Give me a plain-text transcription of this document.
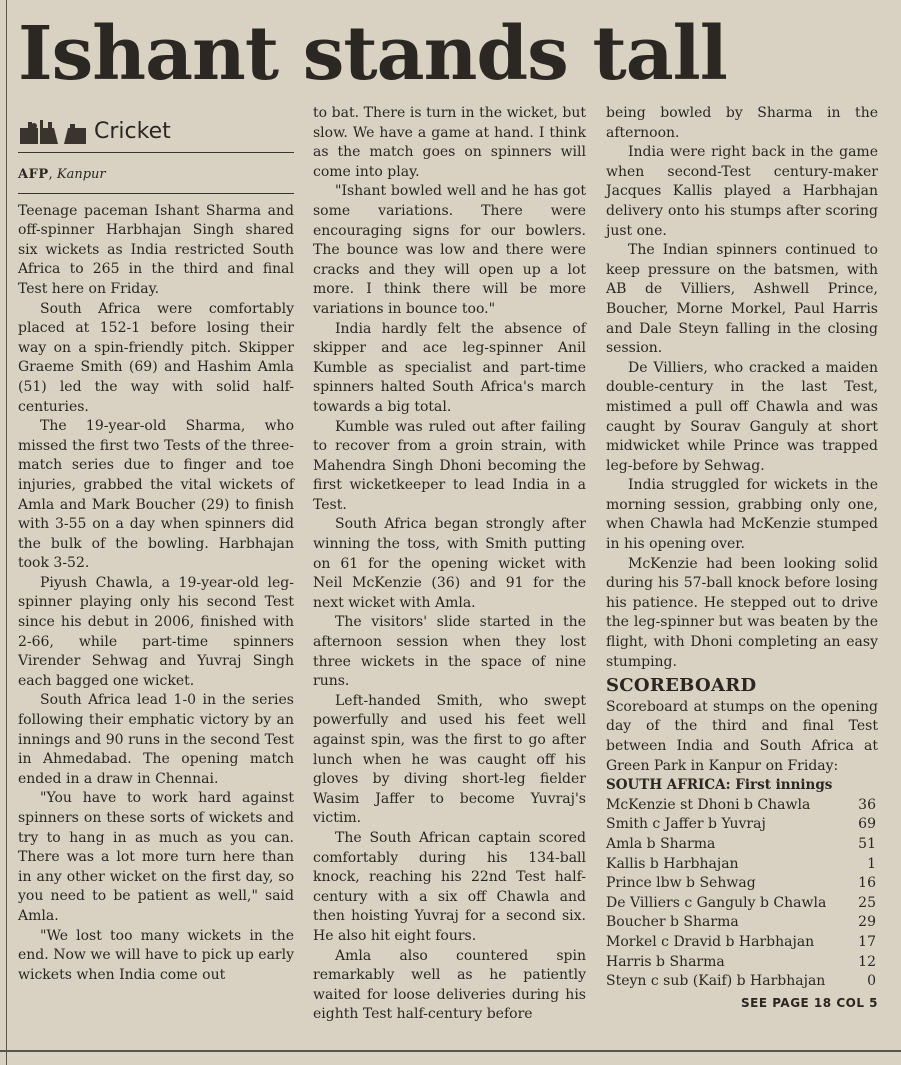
Ishant stands tall
Cricket
AFP, Kanpur

Teenage paceman Ishant Sharma and off-spinner Harbhajan Singh shared six wickets as India restricted South Africa to 265 in the third and final Test here on Friday.

South Africa were comfortably placed at 152-1 before losing their way on a spin-friendly pitch. Skipper Graeme Smith (69) and Hashim Amla (51) led the way with solid half-centuries.

The 19-year-old Sharma, who missed the first two Tests of the three-match series due to finger and toe injuries, grabbed the vital wickets of Amla and Mark Boucher (29) to finish with 3-55 on a day when spinners did the bulk of the bowling. Harbhajan took 3-52.

Piyush Chawla, a 19-year-old leg-spinner playing only his second Test since his debut in 2006, finished with 2-66, while part-time spinners Virender Sehwag and Yuvraj Singh each bagged one wicket.

South Africa lead 1-0 in the series following their emphatic victory by an innings and 90 runs in the second Test in Ahmedabad. The opening match ended in a draw in Chennai.

"You have to work hard against spinners on these sorts of wickets and try to hang in as much as you can. There was a lot more turn here than in any other wicket on the first day, so you need to be patient as well," said Amla.

"We lost too many wickets in the end. Now we will have to pick up early wickets when India come out

to bat. There is turn in the wicket, but slow. We have a game at hand. I think as the match goes on spinners will come into play.

"Ishant bowled well and he has got some variations. There were encouraging signs for our bowlers. The bounce was low and there were cracks and they will open up a lot more. I think there will be more variations in bounce too."

India hardly felt the absence of skipper and ace leg-spinner Anil Kumble as specialist and part-time spinners halted South Africa's march towards a big total.

Kumble was ruled out after failing to recover from a groin strain, with Mahendra Singh Dhoni becoming the first wicketkeeper to lead India in a Test.

South Africa began strongly after winning the toss, with Smith putting on 61 for the opening wicket with Neil McKenzie (36) and 91 for the next wicket with Amla.

The visitors' slide started in the afternoon session when they lost three wickets in the space of nine runs.

Left-handed Smith, who swept powerfully and used his feet well against spin, was the first to go after lunch when he was caught off his gloves by diving short-leg fielder Wasim Jaffer to become Yuvraj's victim.

The South African captain scored comfortably during his 134-ball knock, reaching his 22nd Test half-century with a six off Chawla and then hoisting Yuvraj for a second six. He also hit eight fours.

Amla also countered spin remarkably well as he patiently waited for loose deliveries during his eighth Test half-century before

being bowled by Sharma in the afternoon.

India were right back in the game when second-Test century-maker Jacques Kallis played a Harbhajan delivery onto his stumps after scoring just one.

The Indian spinners continued to keep pressure on the batsmen, with AB de Villiers, Ashwell Prince, Boucher, Morne Morkel, Paul Harris and Dale Steyn falling in the closing session.

De Villiers, who cracked a maiden double-century in the last Test, mistimed a pull off Chawla and was caught by Sourav Ganguly at short midwicket while Prince was trapped leg-before by Sehwag.

India struggled for wickets in the morning session, grabbing only one, when Chawla had McKenzie stumped in his opening over.

McKenzie had been looking solid during his 57-ball knock before losing his patience. He stepped out to drive the leg-spinner but was beaten by the flight, with Dhoni completing an easy stumping.

SCOREBOARD

Scoreboard at stumps on the opening day of the third and final Test between India and South Africa at Green Park in Kanpur on Friday:

SOUTH AFRICA: First innings
McKenzie st Dhoni b Chawla	36
Smith c Jaffer b Yuvraj	69
Amla b Sharma	51
Kallis b Harbhajan	1
Prince lbw b Sehwag	16
De Villiers c Ganguly b Chawla	25
Boucher b Sharma	29
Morkel c Dravid b Harbhajan	17
Harris b Sharma	12
Steyn c sub (Kaif) b Harbhajan	0
SEE PAGE 18 COL 5
